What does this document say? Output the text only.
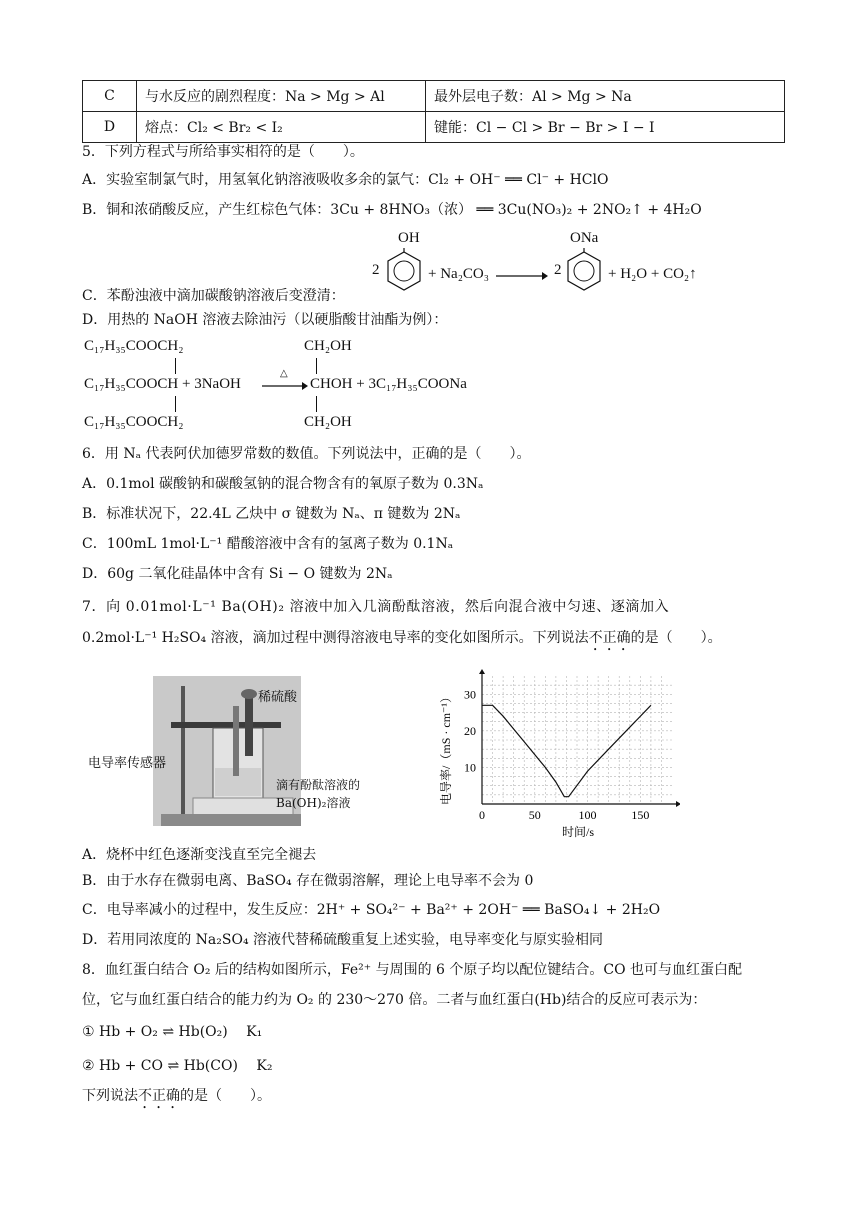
C	与水反应的剧烈程度：Na > Mg > Al	最外层电子数：Al > Mg > Na
D	熔点：Cl₂ < Br₂ < I₂	键能：Cl − Cl > Br − Br > I − I
5．下列方程式与所给事实相符的是（　　）。
A．实验室制氯气时，用氢氧化钠溶液吸收多余的氯气：Cl₂ + OH⁻ ══ Cl⁻ + HClO
B．铜和浓硝酸反应，产生红棕色气体：3Cu + 8HNO₃（浓） ══ 3Cu(NO₃)₂ + 2NO₂↑ + 4H₂O
C．苯酚浊液中滴加碳酸钠溶液后变澄清：
OH
2	+ Na₂CO₃ → 2
ONa
+ H₂O + CO₂↑
D．用热的 NaOH 溶液去除油污（以硬脂酸甘油酯为例）：
C₁₇H₃₅COOCH₂
C₁₇H₃₅COOCH + 3NaOH
C₁₇H₃₅COOCH₂
△
CH₂OH
CHOH + 3C₁₇H₃₅COONa
CH₂OH
6．用 Nₐ 代表阿伏加德罗常数的数值。下列说法中，正确的是（　　）。
A．0.1mol 碳酸钠和碳酸氢钠的混合物含有的氧原子数为 0.3Nₐ
B．标准状况下，22.4L 乙炔中 σ 键数为 Nₐ、π 键数为 2Nₐ
C．100mL 1mol·L⁻¹ 醋酸溶液中含有的氢离子数为 0.1Nₐ
D．60g 二氧化硅晶体中含有 Si − O 键数为 2Nₐ
7．向 0.01mol·L⁻¹ Ba(OH)₂ 溶液中加入几滴酚酞溶液，然后向混合液中匀速、逐滴加入
0.2mol·L⁻¹ H₂SO₄ 溶液，滴加过程中测得溶液电导率的变化如图所示。下列说法不正确的是（　　）。
稀硫酸
电导率传感器
滴有酚酞溶液的
Ba(OH)₂溶液
0	50	100	150
10
20
30
时间/s
电导率/（mS · cm⁻¹）
A．烧杯中红色逐渐变浅直至完全褪去
B．由于水存在微弱电离、BaSO₄ 存在微弱溶解，理论上电导率不会为 0
C．电导率减小的过程中，发生反应：2H⁺ + SO₄²⁻ + Ba²⁺ + 2OH⁻ ══ BaSO₄↓ + 2H₂O
D．若用同浓度的 Na₂SO₄ 溶液代替稀硫酸重复上述实验，电导率变化与原实验相同
8．血红蛋白结合 O₂ 后的结构如图所示，Fe²⁺ 与周围的 6 个原子均以配位键结合。CO 也可与血红蛋白配
位，它与血红蛋白结合的能力约为 O₂ 的 230～270 倍。二者与血红蛋白(Hb)结合的反应可表示为：
① Hb + O₂ ⇌ Hb(O₂)　 K₁
② Hb + CO ⇌ Hb(CO)　 K₂
下列说法不正确的是（　　）。
